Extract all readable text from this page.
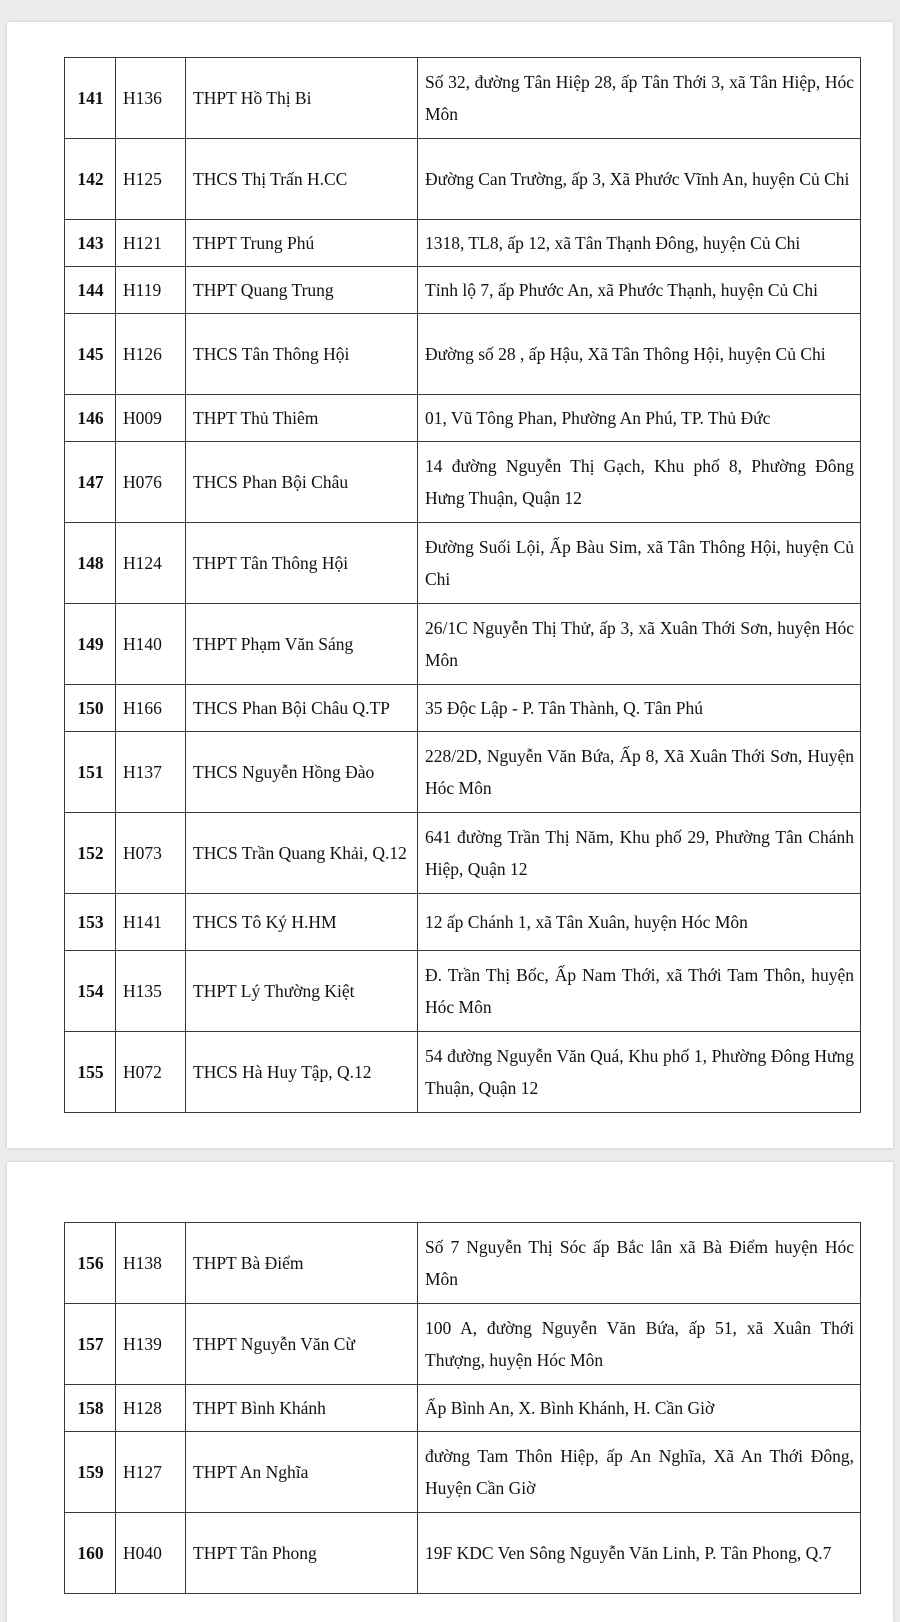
141	H136	THPT Hồ Thị Bi	Số 32, đường Tân Hiệp 28, ấp Tân Thới 3, xã Tân Hiệp, Hóc Môn
142	H125	THCS Thị Trấn H.CC	Đường Can Trường, ấp 3, Xã Phước Vĩnh An, huyện Củ Chi
143	H121	THPT Trung Phú	1318, TL8, ấp 12, xã Tân Thạnh Đông, huyện Củ Chi
144	H119	THPT Quang Trung	Tỉnh lộ 7, ấp Phước An, xã Phước Thạnh, huyện Củ Chi
145	H126	THCS Tân Thông Hội	Đường số 28 , ấp Hậu, Xã Tân Thông Hội, huyện Củ Chi
146	H009	THPT Thủ Thiêm	01, Vũ Tông Phan, Phường An Phú, TP. Thủ Đức
147	H076	THCS Phan Bội Châu	14 đường Nguyễn Thị Gạch, Khu phố 8, Phường Đông Hưng Thuận, Quận 12
148	H124	THPT Tân Thông Hội	Đường Suối Lội, Ấp Bàu Sim, xã Tân Thông Hội, huyện Củ Chi
149	H140	THPT Phạm Văn Sáng	26/1C Nguyễn Thị Thử, ấp 3, xã Xuân Thới Sơn, huyện Hóc Môn
150	H166	THCS Phan Bội Châu Q.TP	35 Độc Lập - P. Tân Thành, Q. Tân Phú
151	H137	THCS Nguyễn Hồng Đào	228/2D, Nguyễn Văn Bứa, Ấp 8, Xã Xuân Thới Sơn, Huyện Hóc Môn
152	H073	THCS Trần Quang Khải, Q.12	641 đường Trần Thị Năm, Khu phố 29, Phường Tân Chánh Hiệp, Quận 12
153	H141	THCS Tô Ký H.HM	12 ấp Chánh 1, xã Tân Xuân, huyện Hóc Môn
154	H135	THPT Lý Thường Kiệt	Đ. Trần Thị Bốc, Ấp Nam Thới, xã Thới Tam Thôn, huyện Hóc Môn
155	H072	THCS Hà Huy Tập, Q.12	54 đường Nguyễn Văn Quá, Khu phố 1, Phường Đông Hưng Thuận, Quận 12
156	H138	THPT Bà Điểm	Số 7 Nguyễn Thị Sóc ấp Bắc lân xã Bà Điểm huyện Hóc Môn
157	H139	THPT Nguyễn Văn Cừ	100 A, đường Nguyễn Văn Bứa, ấp 51, xã Xuân Thới Thượng, huyện Hóc Môn
158	H128	THPT Bình Khánh	Ấp Bình An, X. Bình Khánh, H. Cần Giờ
159	H127	THPT An Nghĩa	đường Tam Thôn Hiệp, ấp An Nghĩa, Xã An Thới Đông, Huyện Cần Giờ
160	H040	THPT Tân Phong	19F KDC Ven Sông Nguyễn Văn Linh, P. Tân Phong, Q.7
